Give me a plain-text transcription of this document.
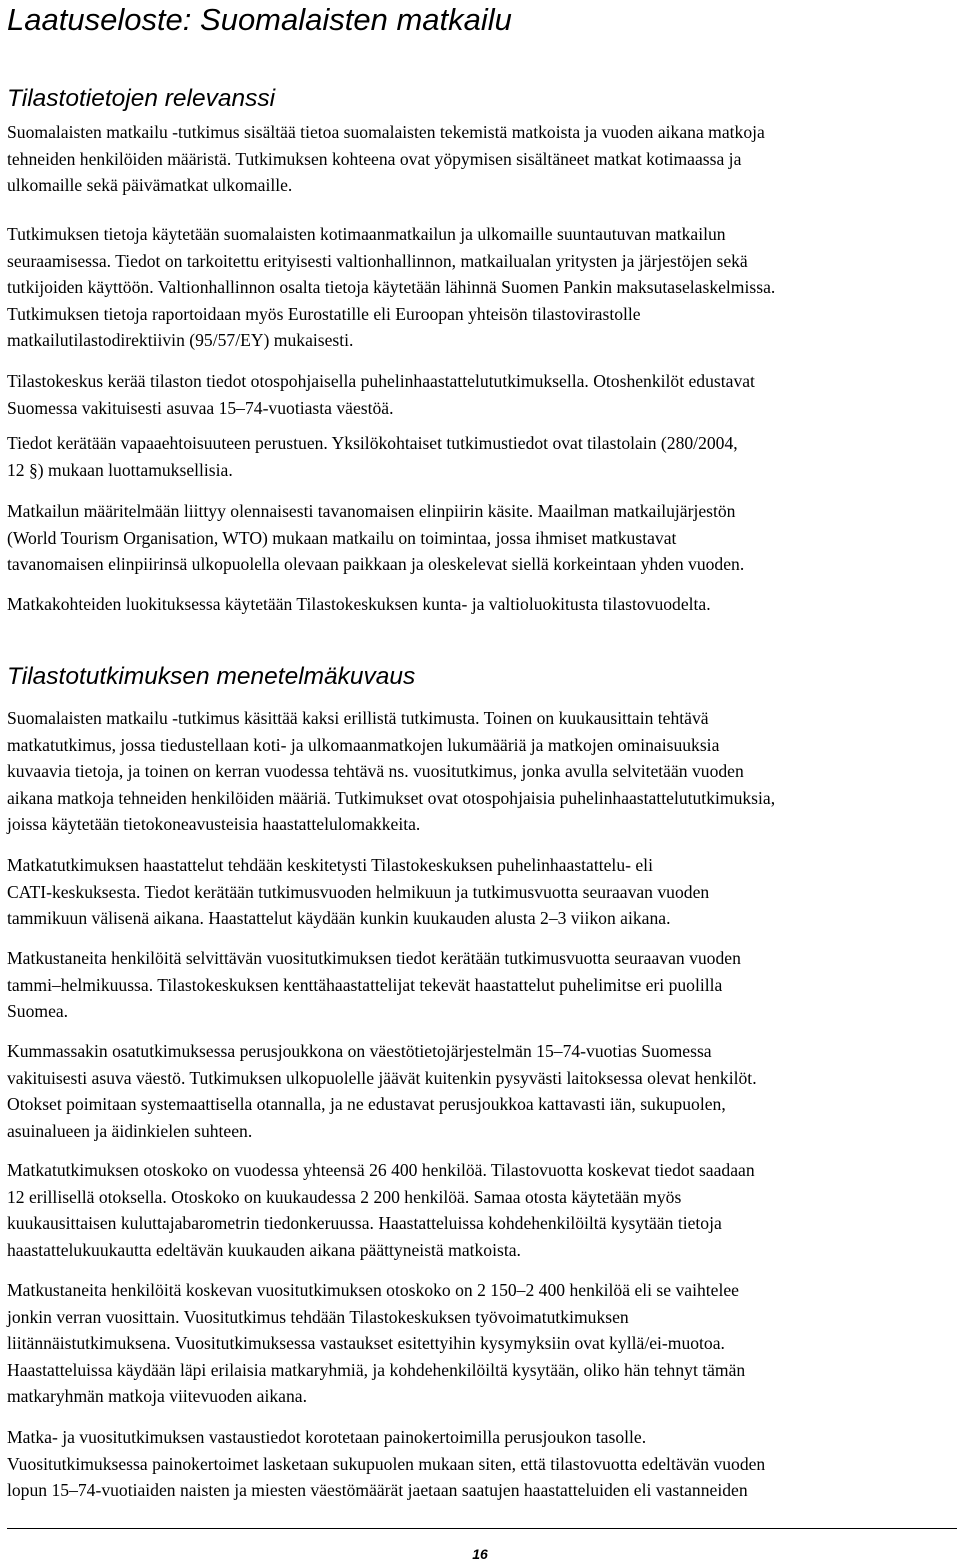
Laatuseloste: Suomalaisten matkailu
Tilastotietojen relevanssi

Suomalaisten matkailu -tutkimus sisältää tietoa suomalaisten tekemistä matkoista ja vuoden aikana matkoja
tehneiden henkilöiden määristä. Tutkimuksen kohteena ovat yöpymisen sisältäneet matkat kotimaassa ja
ulkomaille sekä päivämatkat ulkomaille.

Tutkimuksen tietoja käytetään suomalaisten kotimaanmatkailun ja ulkomaille suuntautuvan matkailun
seuraamisessa. Tiedot on tarkoitettu erityisesti valtionhallinnon, matkailualan yritysten ja järjestöjen sekä
tutkijoiden käyttöön. Valtionhallinnon osalta tietoja käytetään lähinnä Suomen Pankin maksutaselaskelmissa.
Tutkimuksen tietoja raportoidaan myös Eurostatille eli Euroopan yhteisön tilastovirastolle
matkailutilastodirektiivin (95/57/EY) mukaisesti.

Tilastokeskus kerää tilaston tiedot otospohjaisella puhelinhaastattelututkimuksella. Otoshenkilöt edustavat
Suomessa vakituisesti asuvaa 15–74-vuotiasta väestöä.

Tiedot kerätään vapaaehtoisuuteen perustuen. Yksilökohtaiset tutkimustiedot ovat tilastolain (280/2004,
12 §) mukaan luottamuksellisia.

Matkailun määritelmään liittyy olennaisesti tavanomaisen elinpiirin käsite. Maailman matkailujärjestön
(World Tourism Organisation, WTO) mukaan matkailu on toimintaa, jossa ihmiset matkustavat
tavanomaisen elinpiirinsä ulkopuolella olevaan paikkaan ja oleskelevat siellä korkeintaan yhden vuoden.

Matkakohteiden luokituksessa käytetään Tilastokeskuksen kunta- ja valtioluokitusta tilastovuodelta.

Tilastotutkimuksen menetelmäkuvaus

Suomalaisten matkailu -tutkimus käsittää kaksi erillistä tutkimusta. Toinen on kuukausittain tehtävä
matkatutkimus, jossa tiedustellaan koti- ja ulkomaanmatkojen lukumääriä ja matkojen ominaisuuksia
kuvaavia tietoja, ja toinen on kerran vuodessa tehtävä ns. vuositutkimus, jonka avulla selvitetään vuoden
aikana matkoja tehneiden henkilöiden määriä. Tutkimukset ovat otospohjaisia puhelinhaastattelututkimuksia,
joissa käytetään tietokoneavusteisia haastattelulomakkeita.

Matkatutkimuksen haastattelut tehdään keskitetysti Tilastokeskuksen puhelinhaastattelu- eli
CATI-keskuksesta. Tiedot kerätään tutkimusvuoden helmikuun ja tutkimusvuotta seuraavan vuoden
tammikuun välisenä aikana. Haastattelut käydään kunkin kuukauden alusta 2–3 viikon aikana.

Matkustaneita henkilöitä selvittävän vuositutkimuksen tiedot kerätään tutkimusvuotta seuraavan vuoden
tammi–helmikuussa. Tilastokeskuksen kenttähaastattelijat tekevät haastattelut puhelimitse eri puolilla
Suomea.

Kummassakin osatutkimuksessa perusjoukkona on väestötietojärjestelmän 15–74-vuotias Suomessa
vakituisesti asuva väestö. Tutkimuksen ulkopuolelle jäävät kuitenkin pysyvästi laitoksessa olevat henkilöt.
Otokset poimitaan systemaattisella otannalla, ja ne edustavat perusjoukkoa kattavasti iän, sukupuolen,
asuinalueen ja äidinkielen suhteen.

Matkatutkimuksen otoskoko on vuodessa yhteensä 26 400 henkilöä. Tilastovuotta koskevat tiedot saadaan
12 erillisellä otoksella. Otoskoko on kuukaudessa 2 200 henkilöä. Samaa otosta käytetään myös
kuukausittaisen kuluttajabarometrin tiedonkeruussa. Haastatteluissa kohdehenkilöiltä kysytään tietoja
haastattelukuukautta edeltävän kuukauden aikana päättyneistä matkoista.

Matkustaneita henkilöitä koskevan vuositutkimuksen otoskoko on 2 150–2 400 henkilöä eli se vaihtelee
jonkin verran vuosittain. Vuositutkimus tehdään Tilastokeskuksen työvoimatutkimuksen
liitännäistutkimuksena. Vuositutkimuksessa vastaukset esitettyihin kysymyksiin ovat kyllä/ei-muotoa.
Haastatteluissa käydään läpi erilaisia matkaryhmiä, ja kohdehenkilöiltä kysytään, oliko hän tehnyt tämän
matkaryhmän matkoja viitevuoden aikana.

Matka- ja vuositutkimuksen vastaustiedot korotetaan painokertoimilla perusjoukon tasolle.
Vuositutkimuksessa painokertoimet lasketaan sukupuolen mukaan siten, että tilastovuotta edeltävän vuoden
lopun 15–74-vuotiaiden naisten ja miesten väestömäärät jaetaan saatujen haastatteluiden eli vastanneiden

16
